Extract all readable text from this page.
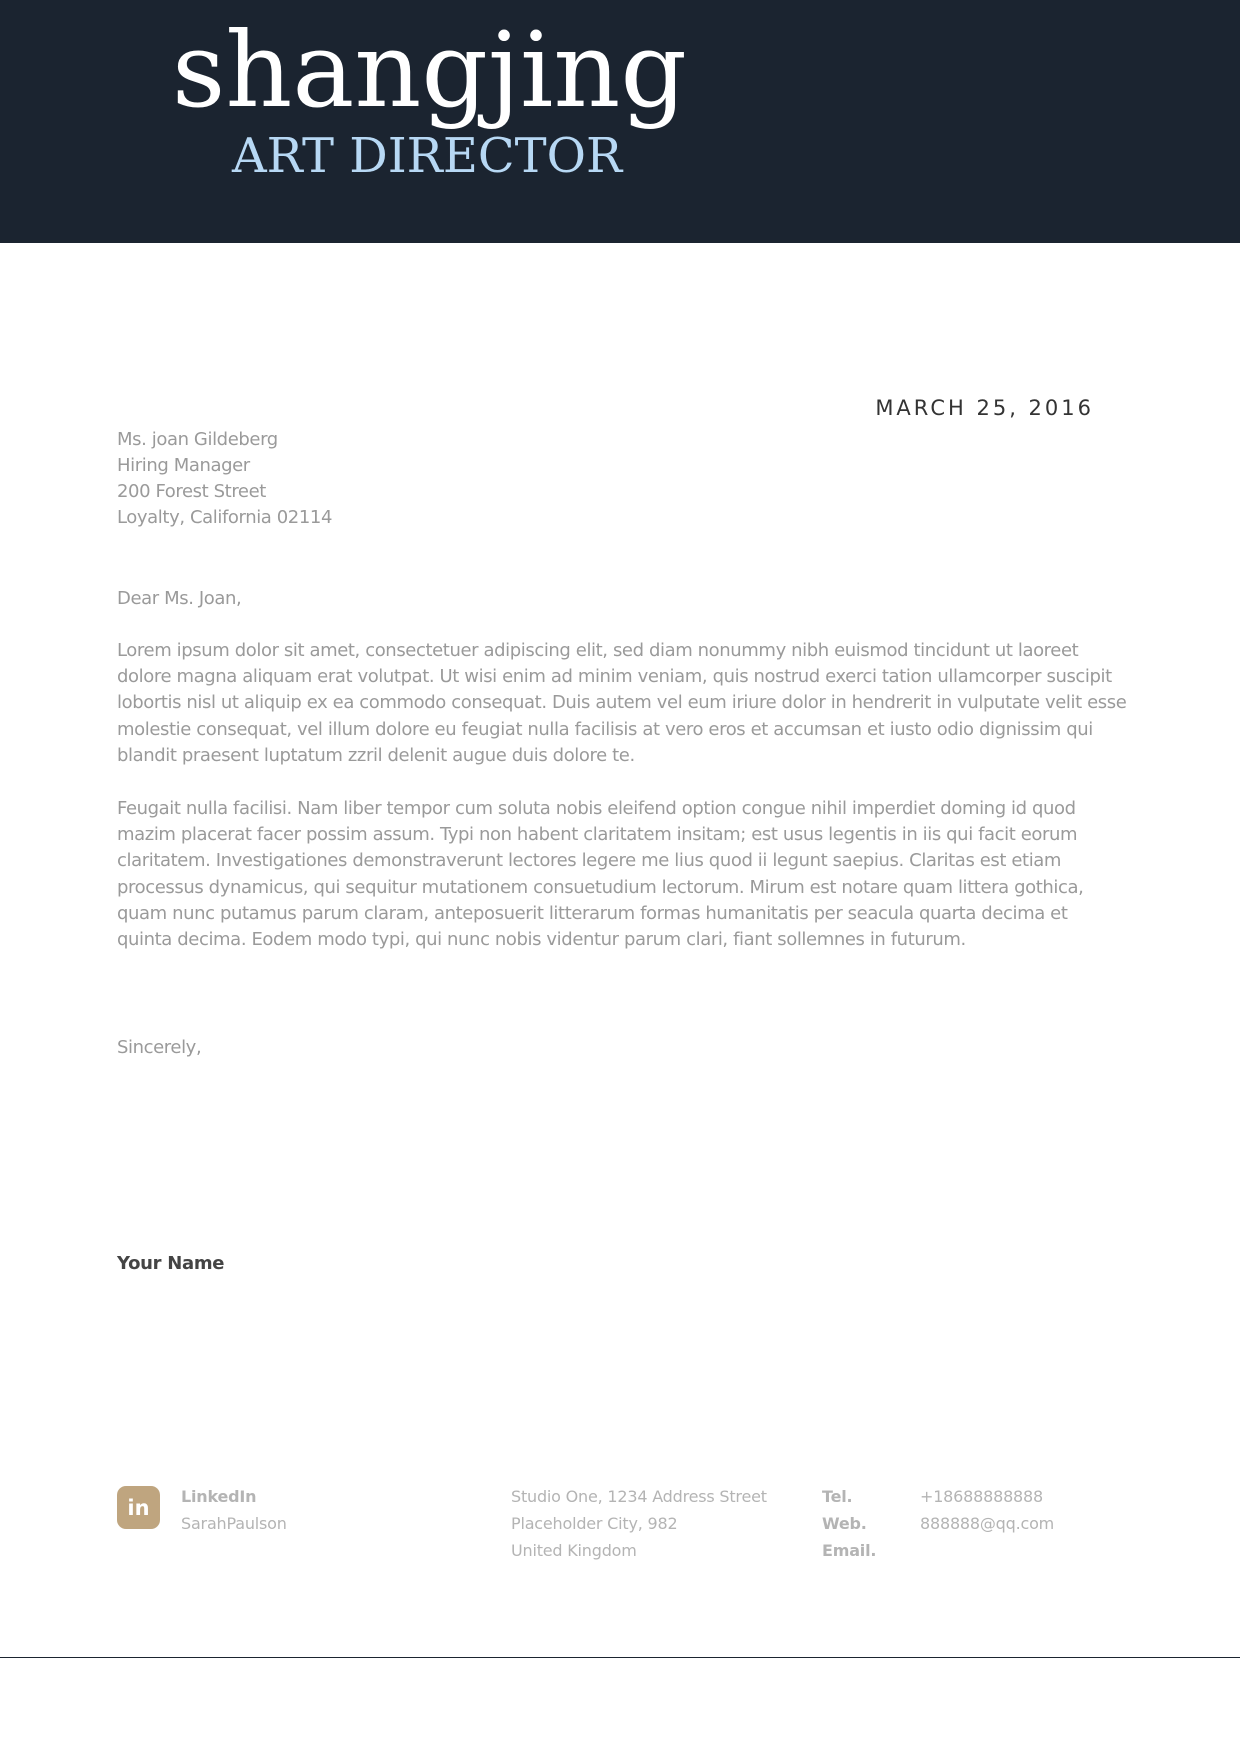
shangjing
ART DIRECTOR
MARCH 25, 2016
Ms. joan Gildeberg
Hiring Manager
200 Forest Street
Loyalty, California 02114
Dear Ms. Joan,

Lorem ipsum dolor sit amet, consectetuer adipiscing elit, sed diam nonummy nibh euismod tincidunt ut laoreet dolore magna aliquam erat volutpat. Ut wisi enim ad minim veniam, quis nostrud exerci tation ullamcorper suscipit lobortis nisl ut aliquip ex ea commodo consequat. Duis autem vel eum iriure dolor in hendrerit in vulputate velit esse molestie consequat, vel illum dolore eu feugiat nulla facilisis at vero eros et accumsan et iusto odio dignissim qui blandit praesent luptatum zzril delenit augue duis dolore te.

Feugait nulla facilisi. Nam liber tempor cum soluta nobis eleifend option congue nihil imperdiet doming id quod mazim placerat facer possim assum. Typi non habent claritatem insitam; est usus legentis in iis qui facit eorum claritatem. Investigationes demonstraverunt lectores legere me lius quod ii legunt saepius. Claritas est etiam processus dynamicus, qui sequitur mutationem consuetudium lectorum. Mirum est notare quam littera gothica, quam nunc putamus parum claram, anteposuerit litterarum formas humanitatis per seacula quarta decima et quinta decima. Eodem modo typi, qui nunc nobis videntur parum clari, fiant sollemnes in futurum.

Sincerely,
Your Name
in	LinkedIn
SarahPaulson
Studio One, 1234 Address Street
Placeholder City, 982
United Kingdom
Tel.
Web.
Email.
+18688888888
888888@qq.com
